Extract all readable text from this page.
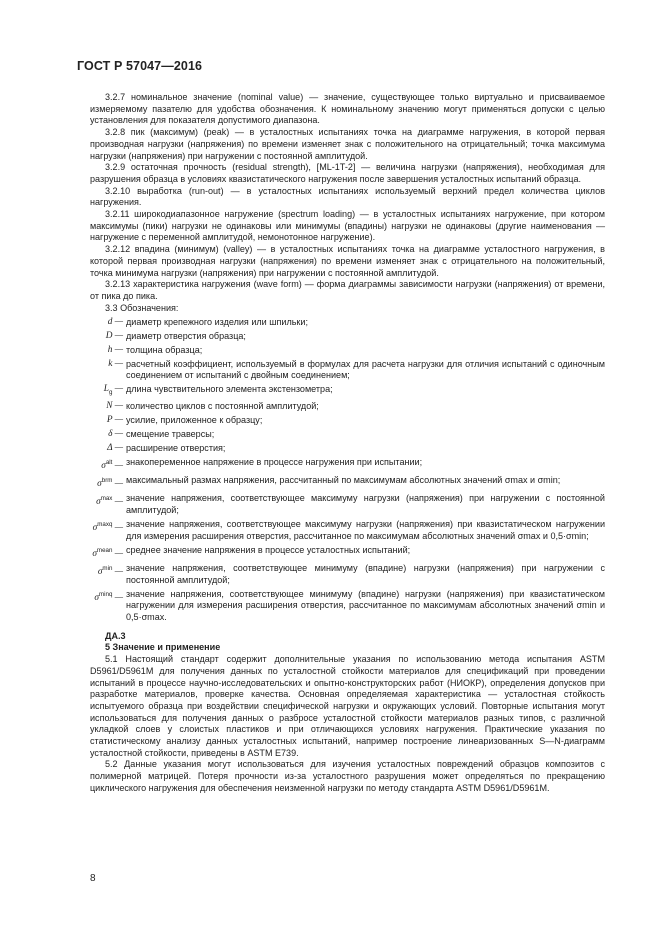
ГОСТ Р 57047—2016
3.2.7 номинальное значение (nominal value) — значение, существующее только виртуально и присваиваемое измеряемому пазателю для удобства обозначения. К номинальному значению могут применяться допуски с целью установления для показателя допустимого диапазона.
3.2.8 пик (максимум) (peak) — в усталостных испытаниях точка на диаграмме нагружения, в которой первая производная нагрузки (напряжения) по времени изменяет знак с положительного на отрицательный; точка максимума нагрузки (напряжения) при нагружении с постоянной амплитудой.
3.2.9 остаточная прочность (residual strength), [ML-1T-2] — величина нагрузки (напряжения), необходимая для разрушения образца в условиях квазистатического нагружения после завершения усталостных испытаний образца.
3.2.10 выработка (run-out) — в усталостных испытаниях используемый верхний предел количества циклов нагружения.
3.2.11 широкодиапазонное нагружение (spectrum loading) — в усталостных испытаниях нагружение, при котором максимумы (пики) нагрузки не одинаковы или минимумы (впадины) нагрузки не одинаковы (другие наименования — нагружение с переменной амплитудой, немонотонное нагружение).
3.2.12 впадина (минимум) (valley) — в усталостных испытаниях точка на диаграмме усталостного нагружения, в которой первая производная нагрузки (напряжения) по времени изменяет знак с отрицательного на положительный, точка минимума нагрузки (напряжения) при нагружении с постоянной амплитудой.
3.2.13 характеристика нагружения (wave form) — форма диаграммы зависимости нагрузки (напряжения) от времени, от пика до пика.
3.3 Обозначения:
d — диаметр крепежного изделия или шпильки;
D — диаметр отверстия образца;
h — толщина образца;
k — расчетный коэффициент, используемый в формулах для расчета нагрузки для отличия испытаний с одиночным соединением от испытаний с двойным соединением;
$L_g$ — длина чувствительного элемента экстензометра;
N — количество циклов с постоянной амплитудой;
P — усилие, приложенное к образцу;
δ — смещение траверсы;
Δ — расширение отверстия;
$\sigma^{alt}$ — знакопеременное напряжение в процессе нагружения при испытании;
$\sigma^{brm}$ — максимальный размах напряжения, рассчитанный по максимумам абсолютных значений σmax и σmin;
$\sigma^{max}$ — значение напряжения, соответствующее максимуму нагрузки (напряжения) при нагружении с постоянной амплитудой;
$\sigma^{maxq}$ — значение напряжения, соответствующее максимуму нагрузки (напряжения) при квазистатическом нагружении для измерения расширения отверстия, рассчитанное по максимумам абсолютных значений σmax и 0,5·σmin;
$\sigma^{mean}$ — среднее значение напряжения в процессе усталостных испытаний;
$\sigma^{min}$ — значение напряжения, соответствующее минимуму (впадине) нагрузки (напряжения) при нагружении с постоянной амплитудой;
$\sigma^{minq}$ — значение напряжения, соответствующее минимуму (впадине) нагрузки (напряжения) при квазистатическом нагружении для измерения расширения отверстия, рассчитанное по максимумам абсолютных значений σmin и 0,5·σmax.
ДА.3
5 Значение и применение
5.1 Настоящий стандарт содержит дополнительные указания по использованию метода испытания ASTM D5961/D5961M для получения данных по усталостной стойкости материалов для спецификаций при проведении испытаний в процессе научно-исследовательских и опытно-конструкторских работ (НИОКР), определения допусков при разработке материалов, проверке качества. Основная определяемая характеристика — усталостная стойкость испытуемого образца при воздействии специфической нагрузки и окружающих условий. Повторные испытания могут использоваться для получения данных о разбросе усталостной стойкости материалов разных типов, с различной укладкой слоев у слоистых пластиков и при отличающихся условиях нагружения. Практические указания по статистическому анализу данных усталостных испытаний, например построение линеаризованных S—N-диаграмм усталостной стойкости, приведены в ASTM E739.
5.2 Данные указания могут использоваться для изучения усталостных повреждений образцов композитов с полимерной матрицей. Потеря прочности из-за усталостного разрушения может определяться по прекращению циклического нагружения для обеспечения неизменной нагрузки по методу стандарта ASTM D5961/D5961M.
8
